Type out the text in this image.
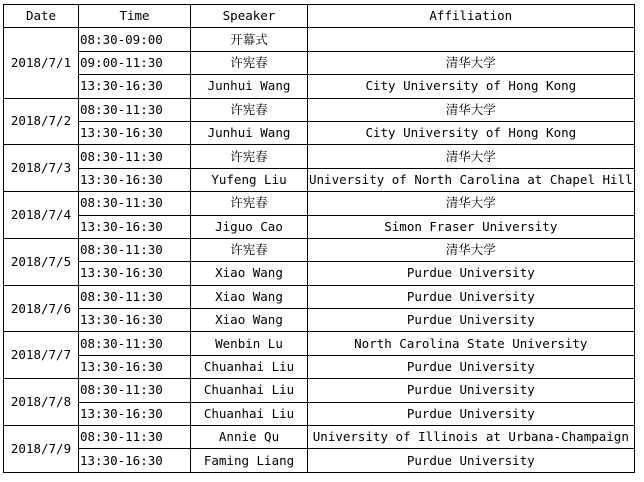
Date	Time	Speaker	Affiliation
2018/7/1	08:30-09:00	开幕式	
	09:00-11:30	许宪春	清华大学
	13:30-16:30	Junhui Wang	City University of Hong Kong
2018/7/2	08:30-11:30	许宪春	清华大学
	13:30-16:30	Junhui Wang	City University of Hong Kong
2018/7/3	08:30-11:30	许宪春	清华大学
	13:30-16:30	Yufeng Liu	University of North Carolina at Chapel Hill
2018/7/4	08:30-11:30	许宪春	清华大学
	13:30-16:30	Jiguo Cao	Simon Fraser University
2018/7/5	08:30-11:30	许宪春	清华大学
	13:30-16:30	Xiao Wang	Purdue University
2018/7/6	08:30-11:30	Xiao Wang	Purdue University
	13:30-16:30	Xiao Wang	Purdue University
2018/7/7	08:30-11:30	Wenbin Lu	North Carolina State University
	13:30-16:30	Chuanhai Liu	Purdue University
2018/7/8	08:30-11:30	Chuanhai Liu	Purdue University
	13:30-16:30	Chuanhai Liu	Purdue University
2018/7/9	08:30-11:30	Annie Qu	University of Illinois at Urbana-Champaign
	13:30-16:30	Faming Liang	Purdue University
